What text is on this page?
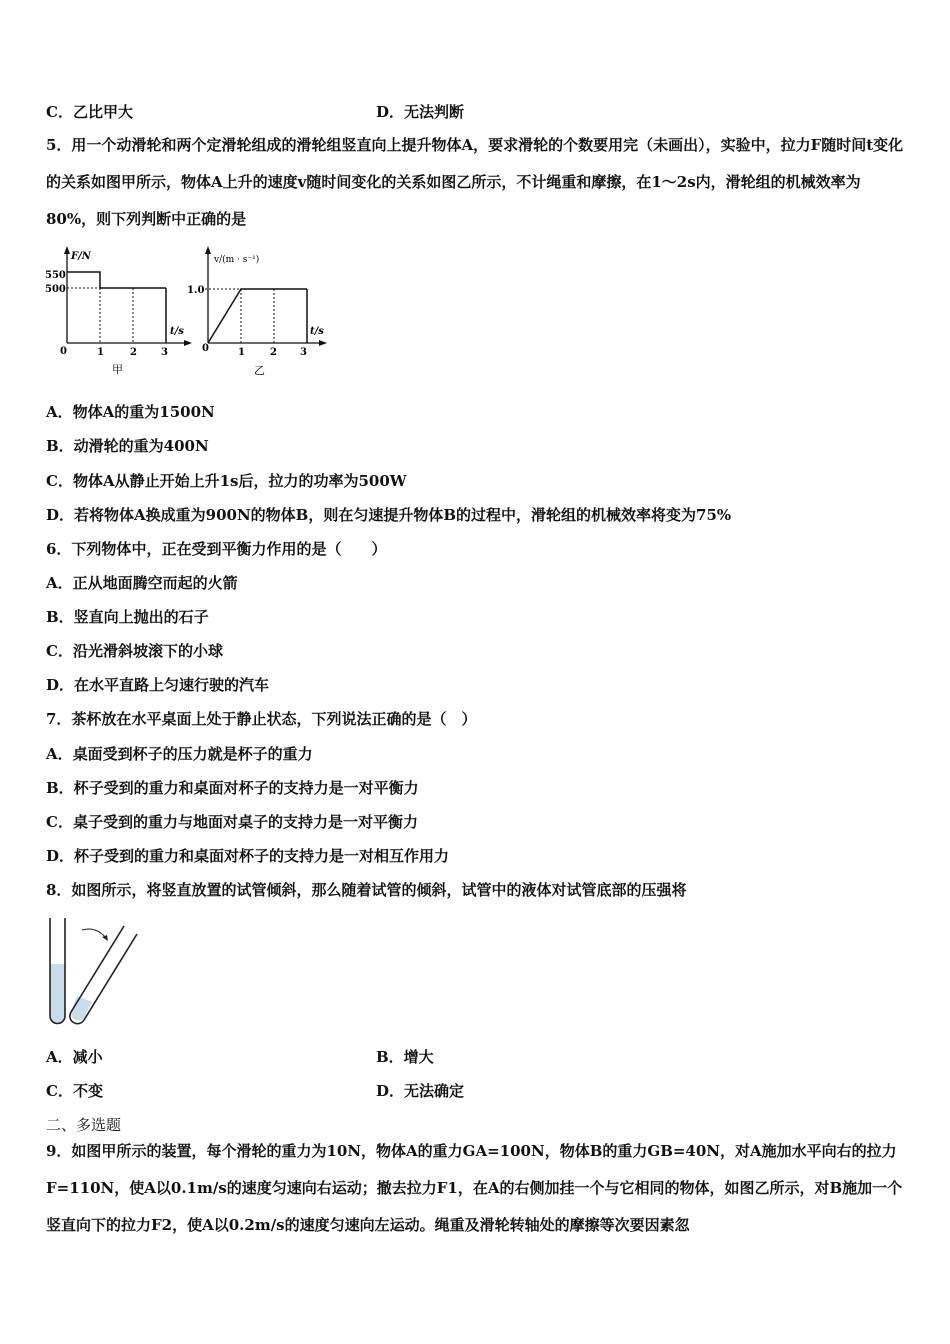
C．乙比甲大	D．无法判断
5．用一个动滑轮和两个定滑轮组成的滑轮组竖直向上提升物体A，要求滑轮的个数要用完（未画出），实验中，拉力F随时间t变化的关系如图甲所示，物体A上升的速度v随时间变化的关系如图乙所示，不计绳重和摩擦，在1～2s内，滑轮组的机械效率为80%，则下列判断中正确的是
F/N
t/s
550
500
0	1	2 3
甲
v/(m · s⁻¹)
t/s
1.0
0	1	2 3
乙
A．物体A的重为1500N
B．动滑轮的重为400N
C．物体A从静止开始上升1s后，拉力的功率为500W
D．若将物体A换成重为900N的物体B，则在匀速提升物体B的过程中，滑轮组的机械效率将变为75%
6．下列物体中，正在受到平衡力作用的是（　　）
A．正从地面腾空而起的火箭
B．竖直向上抛出的石子
C．沿光滑斜坡滚下的小球
D．在水平直路上匀速行驶的汽车
7．茶杯放在水平桌面上处于静止状态，下列说法正确的是（　）
A．桌面受到杯子的压力就是杯子的重力
B．杯子受到的重力和桌面对杯子的支持力是一对平衡力
C．桌子受到的重力与地面对桌子的支持力是一对平衡力
D．杯子受到的重力和桌面对杯子的支持力是一对相互作用力
8．如图所示，将竖直放置的试管倾斜，那么随着试管的倾斜，试管中的液体对试管底部的压强将
A．减小	B．增大
C．不变	D．无法确定
二、多选题
9．如图甲所示的装置，每个滑轮的重力为10N，物体A的重力GA=100N，物体B的重力GB=40N，对A施加水平向右的拉力F=110N，使A以0.1m/s的速度匀速向右运动；撤去拉力F1，在A的右侧加挂一个与它相同的物体，如图乙所示，对B施加一个竖直向下的拉力F2，使A以0.2m/s的速度匀速向左运动。绳重及滑轮转轴处的摩擦等次要因素忽
